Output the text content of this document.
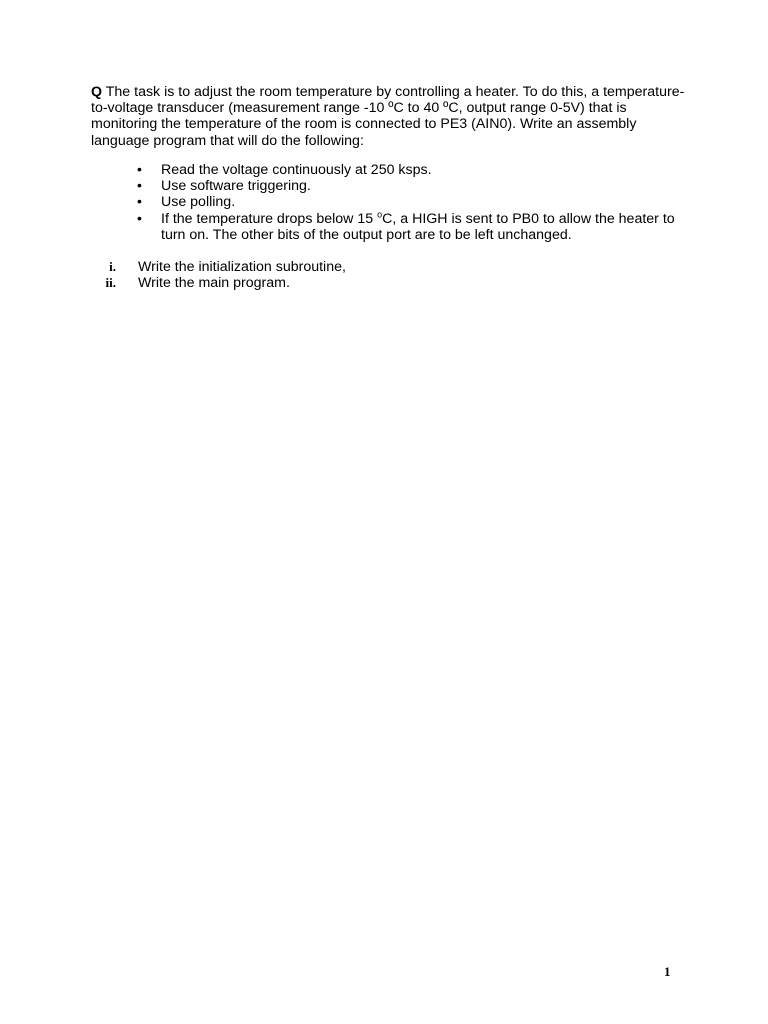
Q The task is to adjust the room temperature by controlling a heater. To do this, a temperature-to-voltage transducer (measurement range -10 ºC to 40 ºC, output range 0-5V) that is monitoring the temperature of the room is connected to PE3 (AIN0). Write an assembly language program that will do the following:
• Read the voltage continuously at 250 ksps.
• Use software triggering.
• Use polling.
• If the temperature drops below 15 $^o$C, a HIGH is sent to PB0 to allow the heater to turn on. The other bits of the output port are to be left unchanged.
i. Write the initialization subroutine,
ii. Write the main program.
1
